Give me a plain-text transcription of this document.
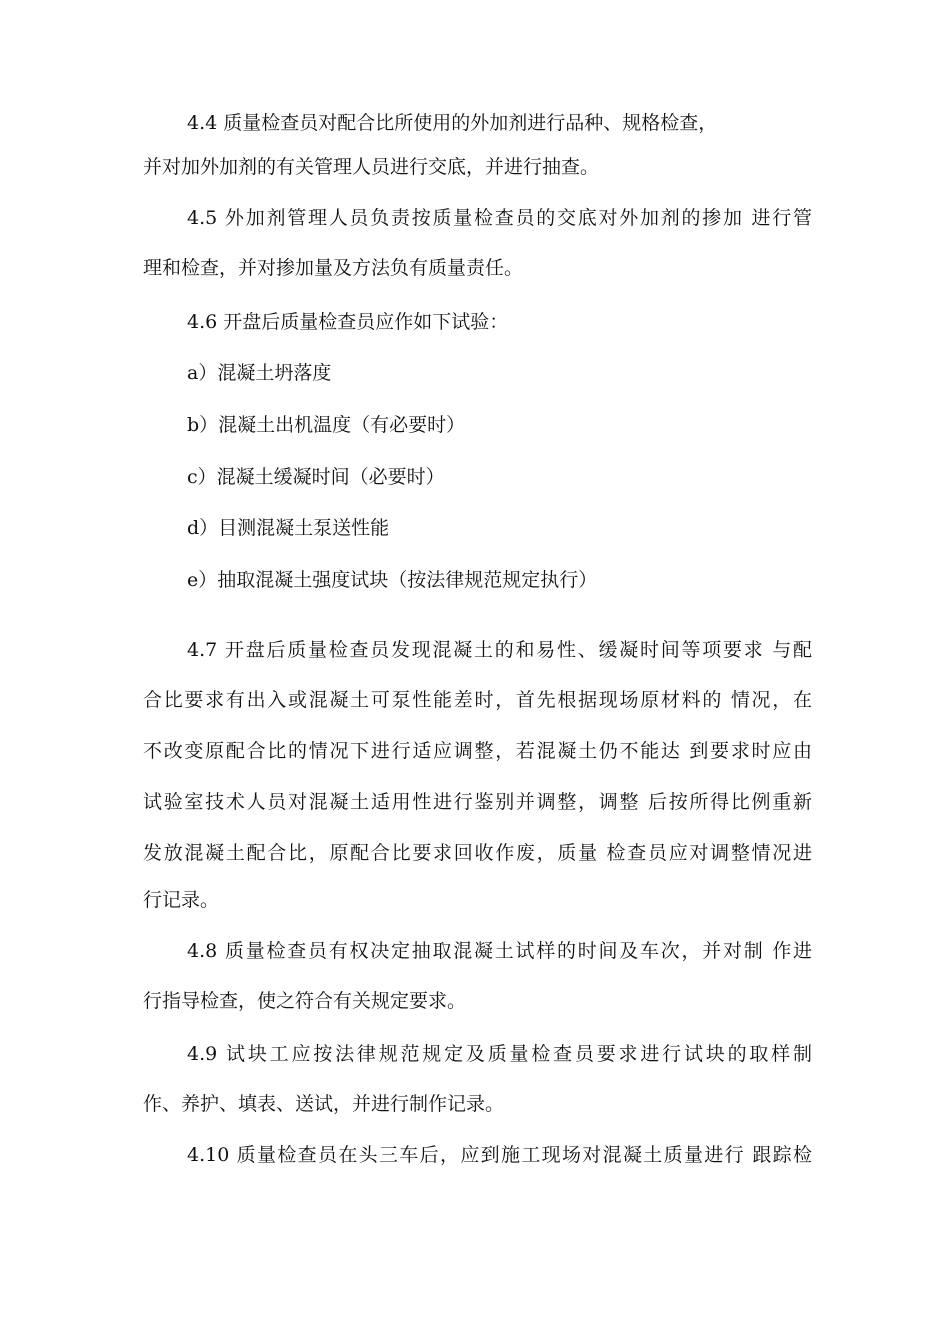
4.4 质量检查员对配合比所使用的外加剂进行品种、规格检查，
并对加外加剂的有关管理人员进行交底，并进行抽查。
4.5 外加剂管理人员负责按质量检查员的交底对外加剂的掺加 进行管
理和检查，并对掺加量及方法负有质量责任。
4.6 开盘后质量检查员应作如下试验：
a）混凝土坍落度
b）混凝土出机温度（有必要时）
c）混凝土缓凝时间（必要时）
d）目测混凝土泵送性能
e）抽取混凝土强度试块（按法律规范规定执行）
4.7 开盘后质量检查员发现混凝土的和易性、缓凝时间等项要求 与配
合比要求有出入或混凝土可泵性能差时，首先根据现场原材料的 情况，在
不改变原配合比的情况下进行适应调整，若混凝土仍不能达 到要求时应由
试验室技术人员对混凝土适用性进行鉴别并调整，调整 后按所得比例重新
发放混凝土配合比，原配合比要求回收作废，质量 检查员应对调整情况进
行记录。
4.8 质量检查员有权决定抽取混凝土试样的时间及车次，并对制 作进
行指导检查，使之符合有关规定要求。
4.9 试块工应按法律规范规定及质量检查员要求进行试块的取样制
作、养护、填表、送试，并进行制作记录。
4.10 质量检查员在头三车后，应到施工现场对混凝土质量进行 跟踪检
